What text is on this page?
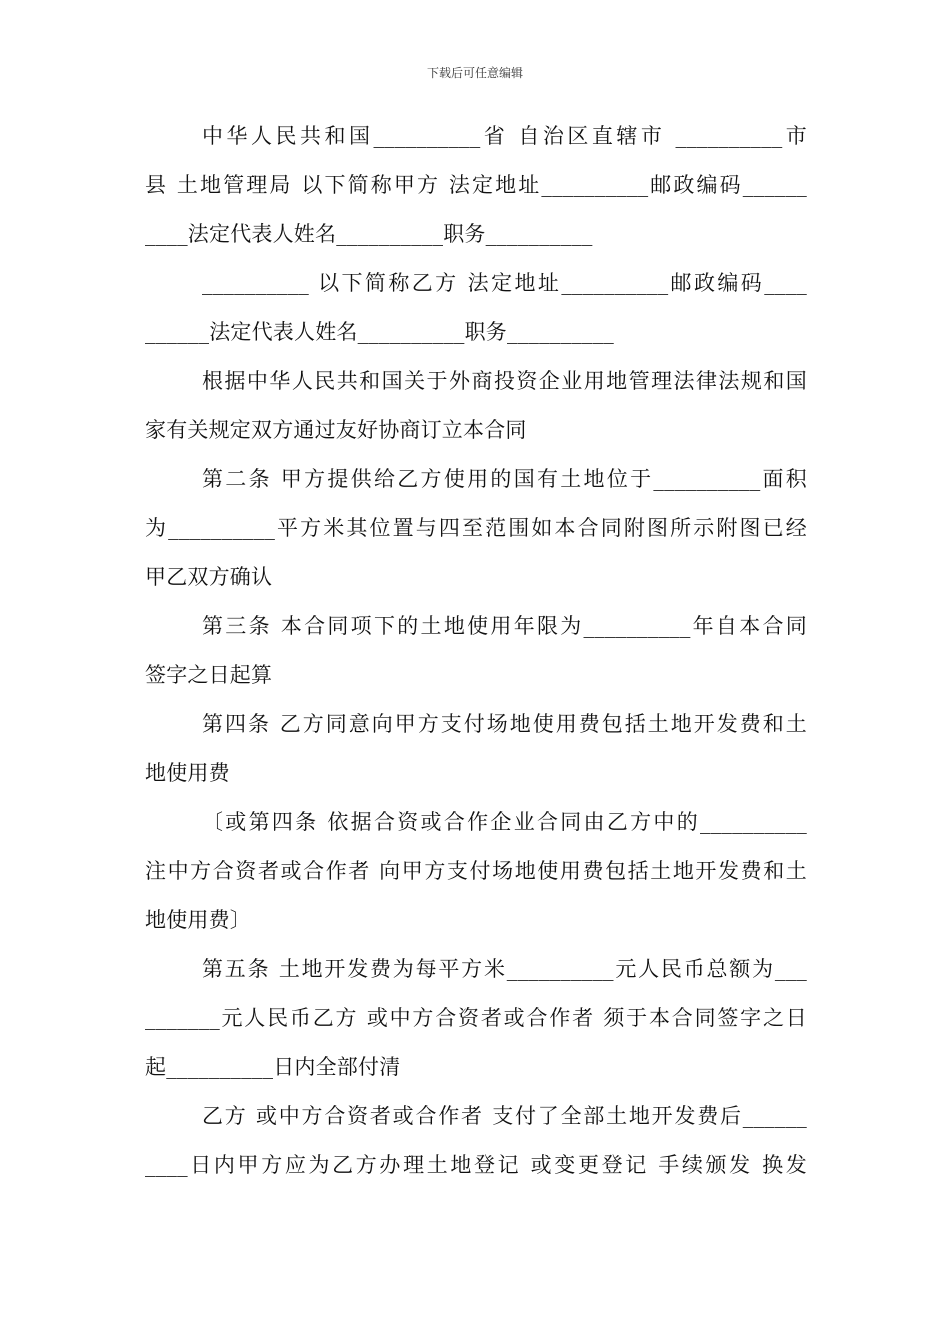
下载后可任意编辑
中华人民共和国__________省 自治区直辖市 __________市
县 土地管理局 以下简称甲方 法定地址__________邮政编码______
____法定代表人姓名__________职务__________
__________ 以下简称乙方 法定地址__________邮政编码____
______法定代表人姓名__________职务__________
根据中华人民共和国关于外商投资企业用地管理法律法规和国
家有关规定双方通过友好协商订立本合同
第二条 甲方提供给乙方使用的国有土地位于__________面积
为__________平方米其位置与四至范围如本合同附图所示附图已经
甲乙双方确认
第三条 本合同项下的土地使用年限为__________年自本合同
签字之日起算
第四条 乙方同意向甲方支付场地使用费包括土地开发费和土
地使用费
〔或第四条 依据合资或合作企业合同由乙方中的__________
注中方合资者或合作者 向甲方支付场地使用费包括土地开发费和土
地使用费〕
第五条 土地开发费为每平方米__________元人民币总额为___
_______元人民币乙方 或中方合资者或合作者 须于本合同签字之日
起__________日内全部付清
乙方 或中方合资者或合作者 支付了全部土地开发费后______
____日内甲方应为乙方办理土地登记 或变更登记 手续颁发 换发
